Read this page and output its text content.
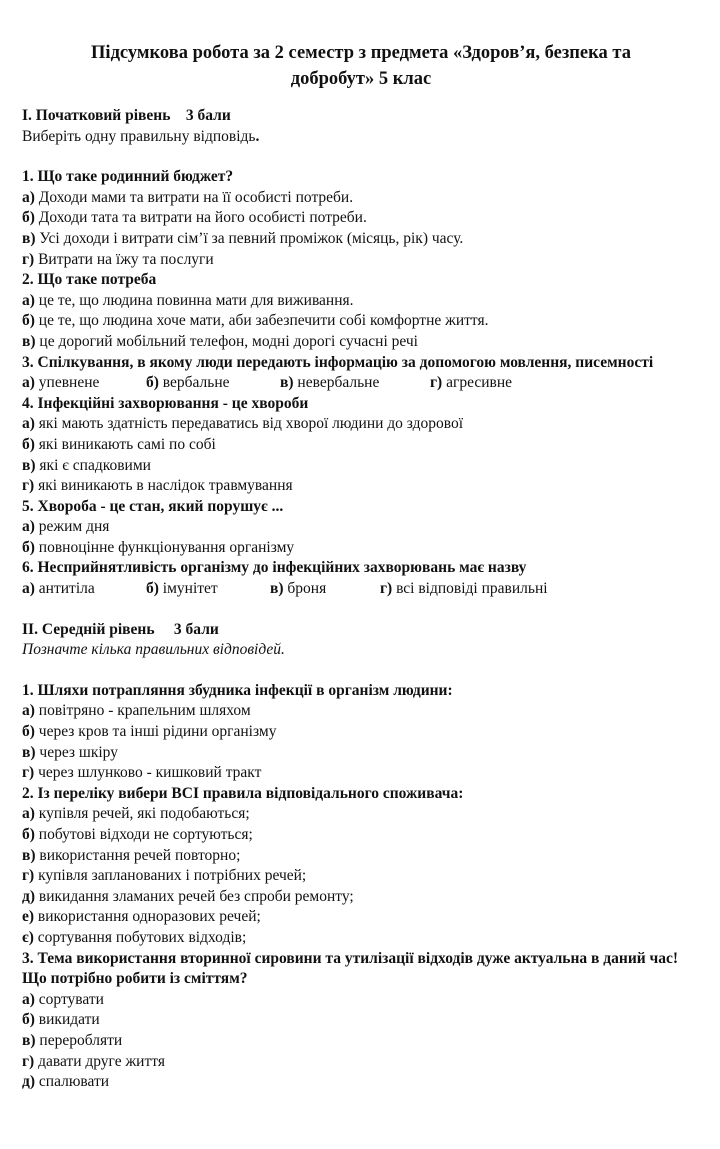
Підсумкова робота за 2 семестр з предмета «Здоров’я, безпека та
добробут» 5 клас
I. Початковий рівень    3 бали

Виберіть одну правильну відповідь.

1. Що таке родинний бюджет?

а) Доходи мами та витрати на її особисті потреби.

б) Доходи тата та витрати на його особисті потреби.

в) Усі доходи і витрати сім’ї за певний проміжок (місяць, рік) часу.

г) Витрати на їжу та послуги

2. Що таке потреба

а) це те, що людина повинна мати для виживання.

б) це те, що людина хоче мати, аби забезпечити собі комфортне життя.

в) це дорогий мобільний телефон, модні дорогі сучасні речі

3. Спілкування, в якому люди передають інформацію за допомогою мовлення, писемності

а) упевнене	б) вербальне	в) невербальне	г) агресивне

4. Інфекційні захворювання - це хвороби

а) які мають здатність передаватись від хворої людини до здорової

б) які виникають самі по собі

в) які є спадковими

г) які виникають в наслідок травмування

5. Хвороба - це стан, який порушує ...

а) режим дня

б) повноцінне функціонування організму

6. Несприйнятливість організму до інфекційних захворювань має назву

а) антитіла	б) імунітет	в) броня	г) всі відповіді правильні
II. Середній рівень     3 бали

Позначте кілька правильних відповідей.

1. Шляхи потрапляння збудника інфекції в організм людини:

а) повітряно - крапельним шляхом

б) через кров та інші рідини організму

в) через шкіру

г) через шлунково - кишковий тракт

2. Із переліку вибери ВСІ правила відповідального споживача:

а) купівля речей, які подобаються;

б) побутові відходи не сортуються;

в) використання речей повторно;

г) купівля запланованих і потрібних речей;

д) викидання зламаних речей без спроби ремонту;

е) використання одноразових речей;

є) сортування побутових відходів;

3. Тема використання вторинної сировини та утилізації відходів дуже актуальна в даний час! Що потрібно робити із сміттям?

а) сортувати

б) викидати

в) переробляти

г) давати друге життя

д) спалювати
